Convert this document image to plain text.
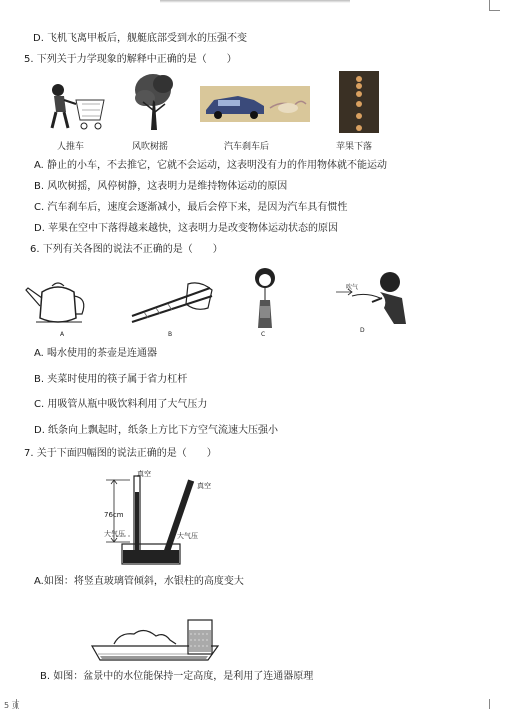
D. 飞机飞离甲板后，舰艇底部受到水的压强不变
5. 下列关于力学现象的解释中正确的是（　　）
人推车	风吹树摇	汽车刹车后	苹果下落
A. 静止的小车，不去推它，它就不会运动，这表明没有力的作用物体就不能运动
B. 风吹树摇，风停树静，这表明力是维持物体运动的原因
C. 汽车刹车后，速度会逐渐减小，最后会停下来，是因为汽车具有惯性
D. 苹果在空中下落得越来越快，这表明力是改变物体运动状态的原因
6. 下列有关各图的说法不正确的是（　　）
A	B	C
吹气
D
A. 喝水使用的茶壶是连通器
B. 夹菜时使用的筷子属于省力杠杆
C. 用吸管从瓶中吸饮料利用了大气压力
D. 纸条向上飘起时，纸条上方比下方空气流速大压强小
7. 关于下面四幅图的说法正确的是（　　）
真空
真空
76cm
大气压	大气压
A.如图：将竖直玻璃管倾斜，水银柱的高度变大
B. 如图：盆景中的水位能保持一定高度，是利用了连通器原理
5 页
